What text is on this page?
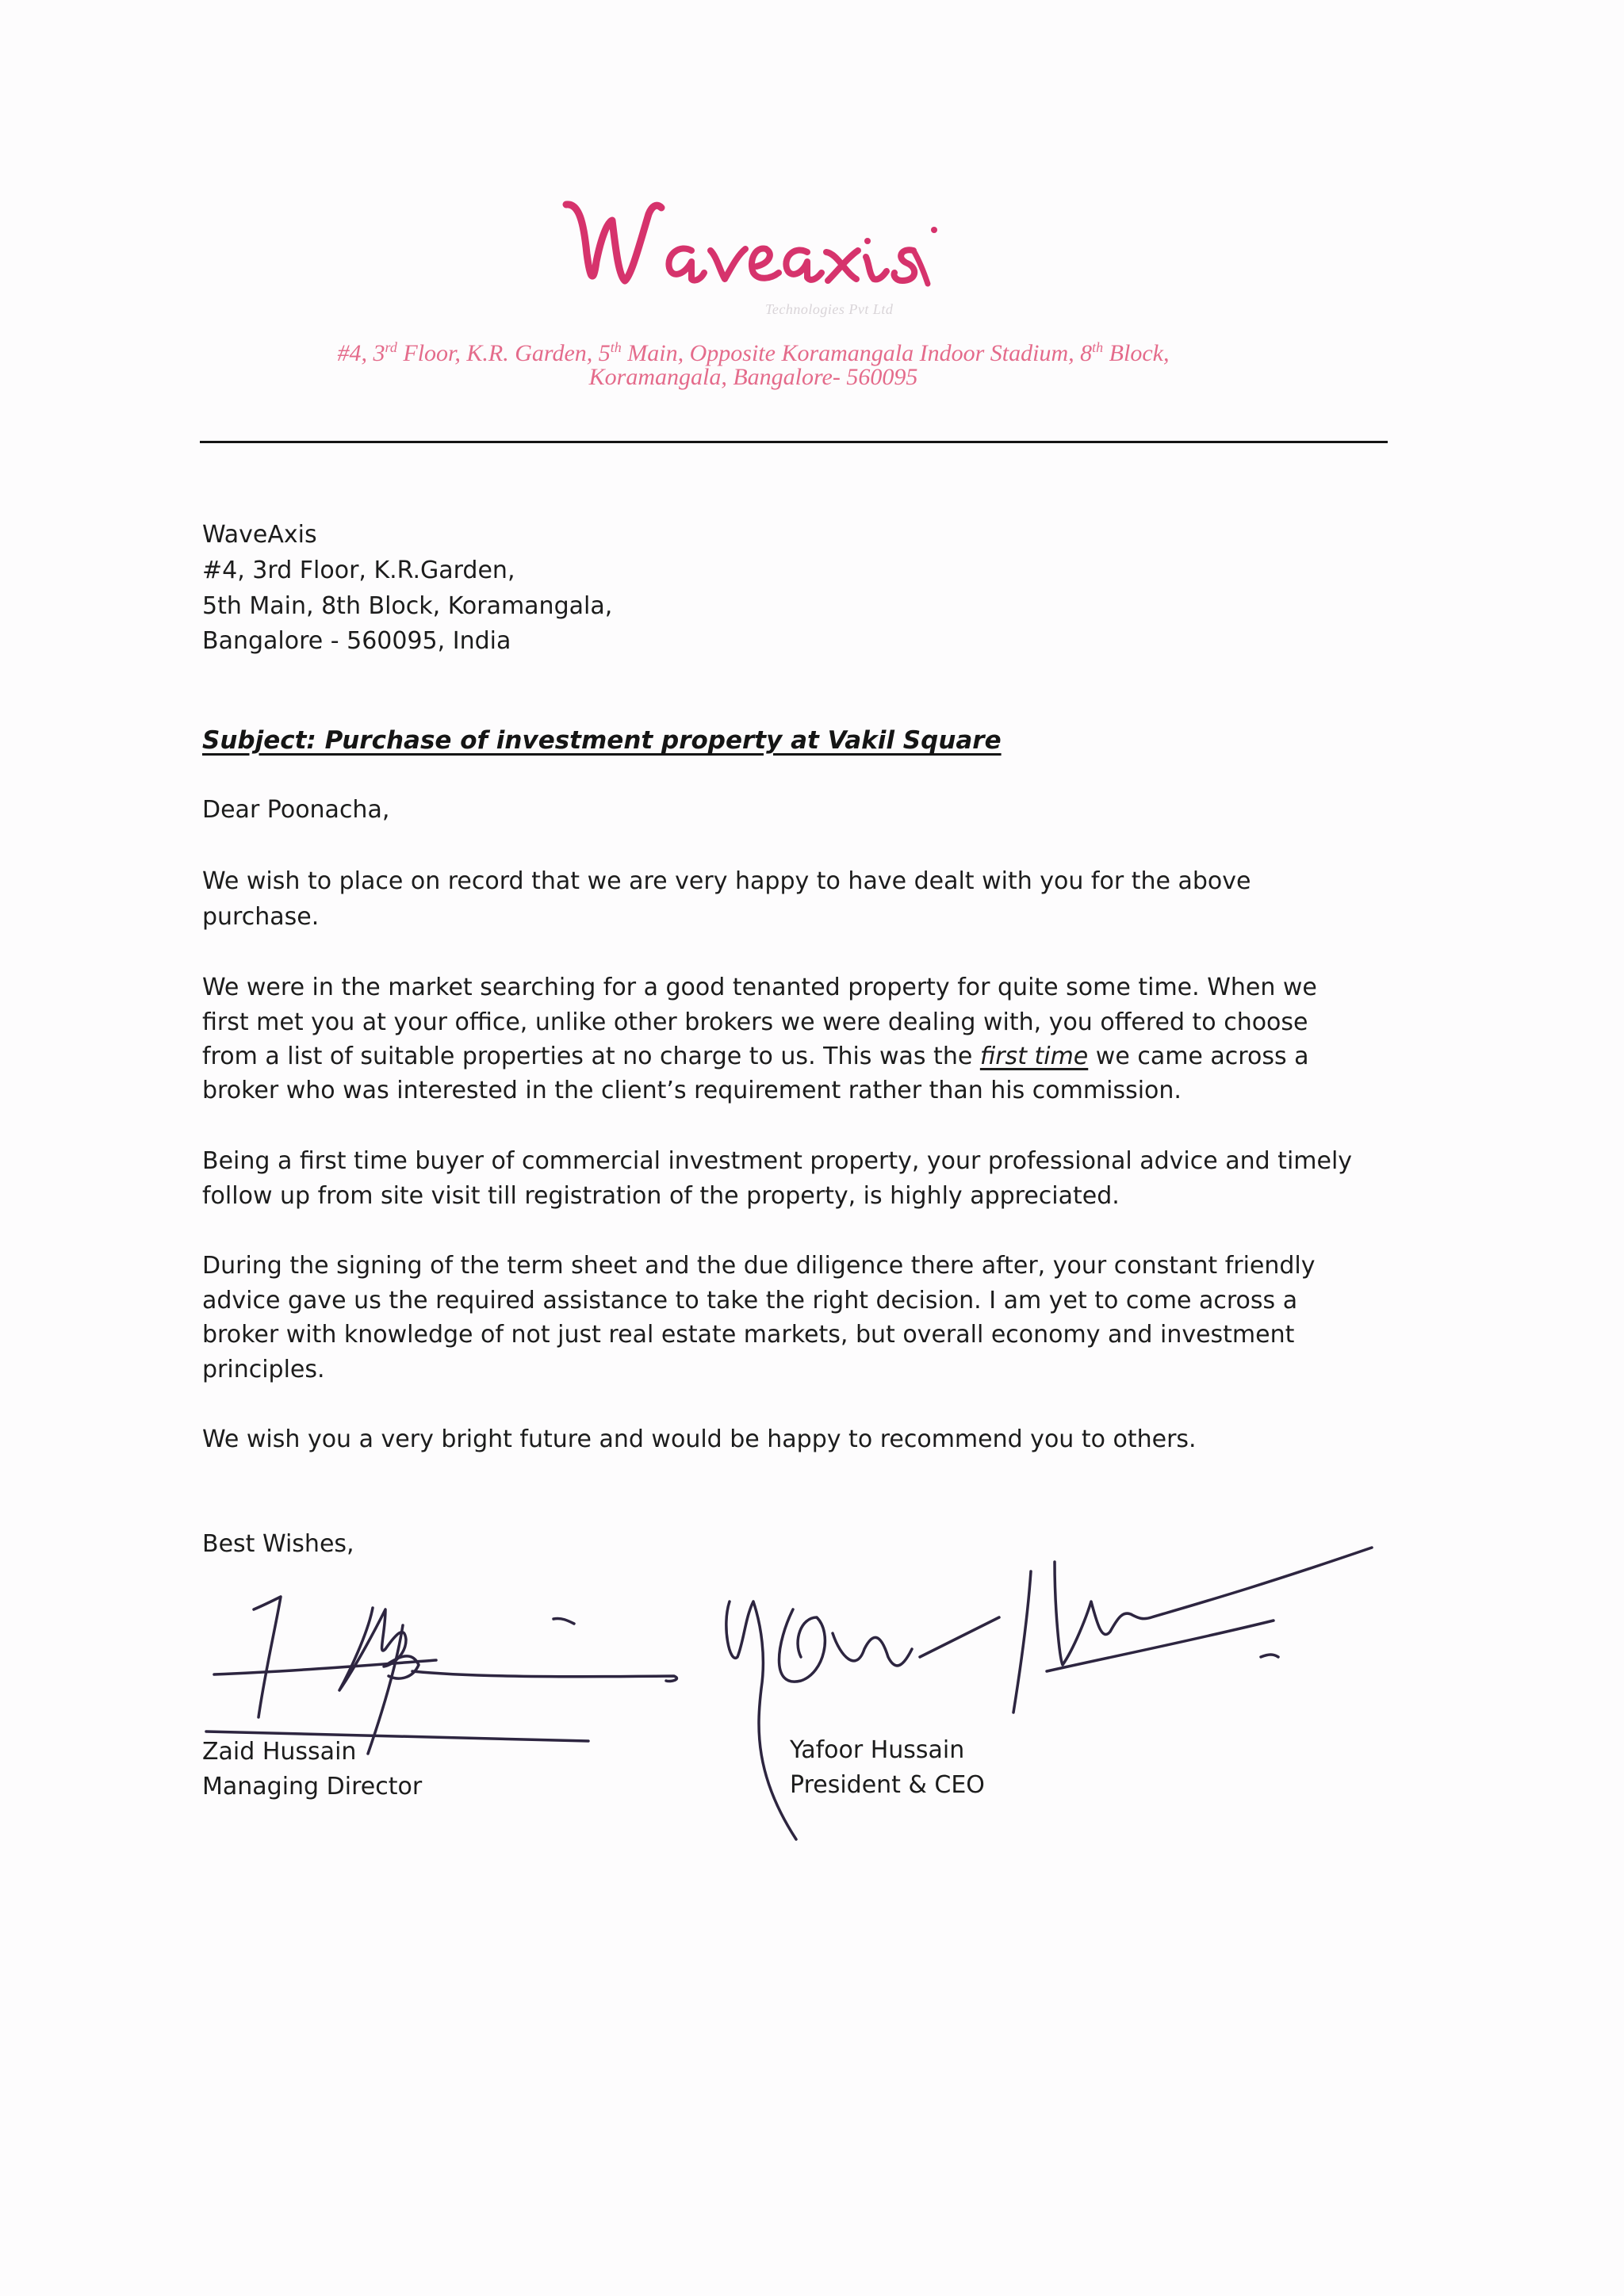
Technologies Pvt Ltd
#4, 3rd Floor, K.R. Garden, 5th Main, Opposite Koramangala Indoor Stadium, 8th Block,
Koramangala, Bangalore- 560095
WaveAxis
#4, 3rd Floor, K.R.Garden,
5th Main, 8th Block, Koramangala,
Bangalore - 560095, India
Subject: Purchase of investment property at Vakil Square
Dear Poonacha,
We wish to place on record that we are very happy to have dealt with you for the above
purchase.
We were in the market searching for a good tenanted property for quite some time. When we
first met you at your office, unlike other brokers we were dealing with, you offered to choose
from a list of suitable properties at no charge to us. This was the first time we came across a
broker who was interested in the client’s requirement rather than his commission.
Being a first time buyer of commercial investment property, your professional advice and timely
follow up from site visit till registration of the property, is highly appreciated.
During the signing of the term sheet and the due diligence there after, your constant friendly
advice gave us the required assistance to take the right decision. I am yet to come across a
broker with knowledge of not just real estate markets, but overall economy and investment
principles.
We wish you a very bright future and would be happy to recommend you to others.
Best Wishes,
Zaid Hussain
Managing Director
Yafoor Hussain
President & CEO
